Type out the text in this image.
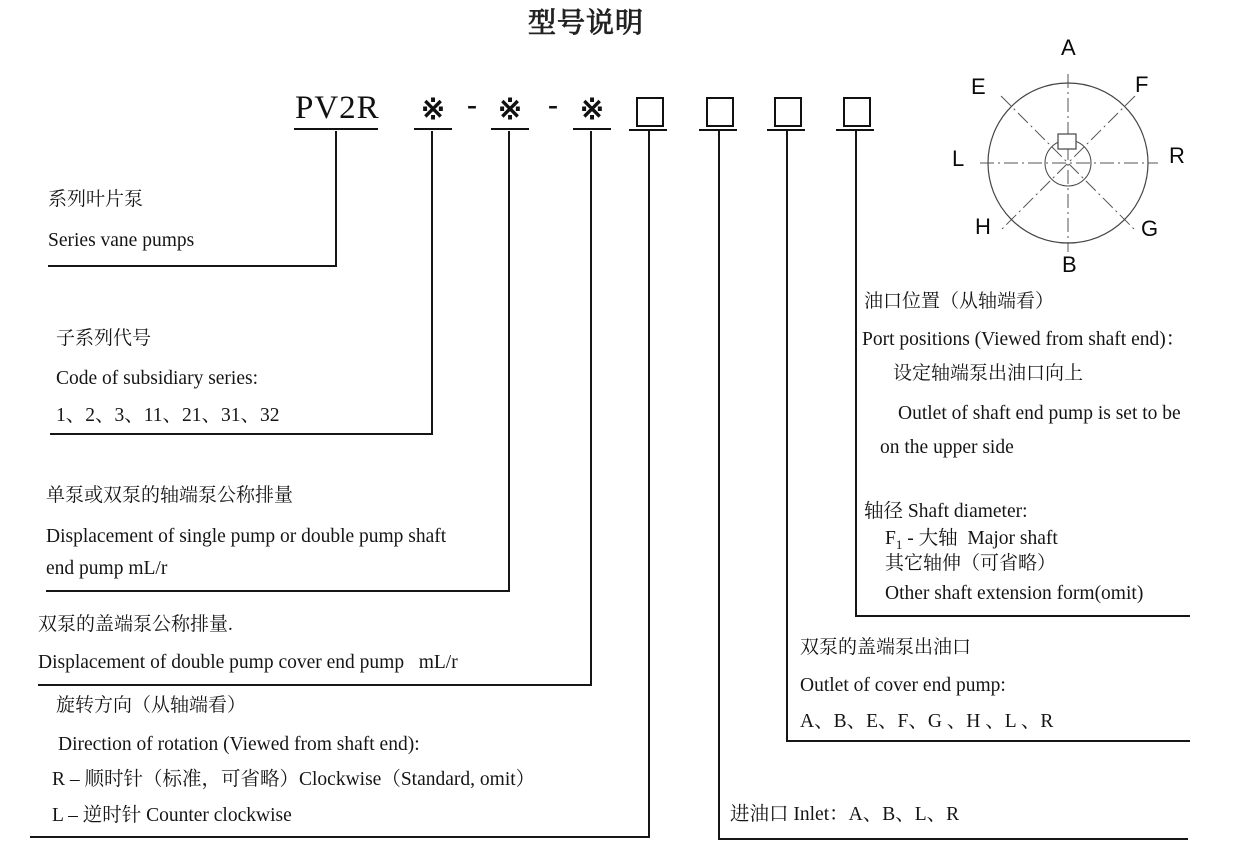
型号说明
PV2R ※ - ※ - ※
系列叶片泵
Series vane pumps
子系列代号
Code of subsidiary series:
1、2、3、11、21、31、32
单泵或双泵的轴端泵公称排量
Displacement of single pump or double pump shaft
end pump mL/r
双泵的盖端泵公称排量.
Displacement of double pump cover end pump   mL/r
旋转方向（从轴端看）
Direction of rotation (Viewed from shaft end):
R – 顺时针（标准，可省略）Clockwise（Standard, omit）
L – 逆时针 Counter clockwise	进油口 Inlet：A、B、L、R
双泵的盖端泵出油口
Outlet of cover end pump:
A、B、E、F、G 、H 、L 、R
油口位置（从轴端看）
Port positions (Viewed from shaft end)：
设定轴端泵出油口向上
Outlet of shaft end pump is set to be
on the upper side
轴径 Shaft diameter:
$F_1$ - 大轴  Major shaft
其它轴伸（可省略）
Other shaft extension form(omit)
A
E	F
L	R
H	G
B
